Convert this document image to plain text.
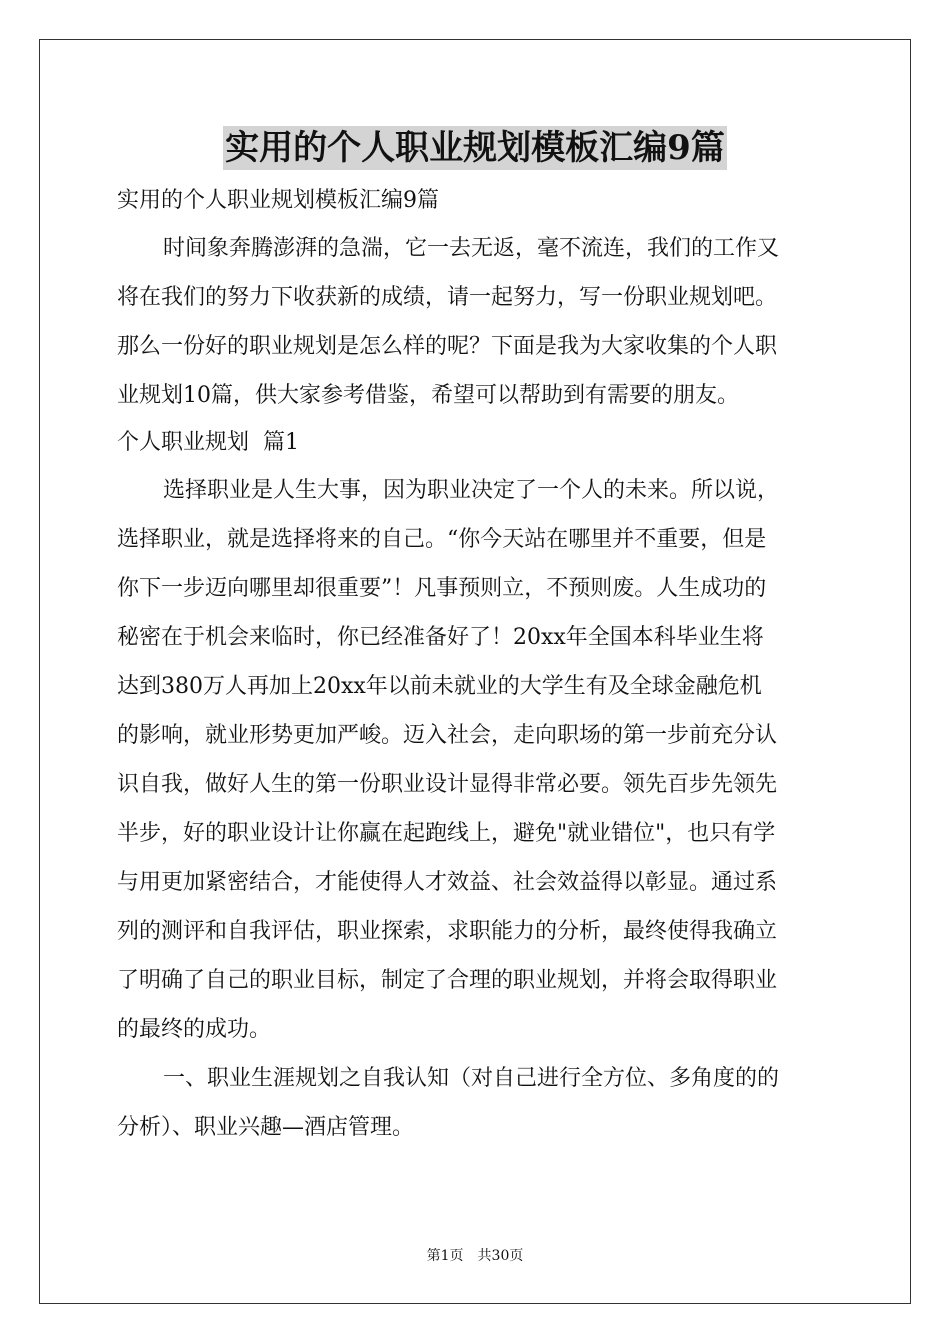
实用的个人职业规划模板汇编9篇
实用的个人职业规划模板汇编9篇
时间象奔腾澎湃的急湍，它一去无返，毫不流连，我们的工作又
将在我们的努力下收获新的成绩，请一起努力，写一份职业规划吧。
那么一份好的职业规划是怎么样的呢？下面是我为大家收集的个人职
业规划10篇，供大家参考借鉴，希望可以帮助到有需要的朋友。
个人职业规划  篇1
选择职业是人生大事，因为职业决定了一个人的未来。所以说，
选择职业，就是选择将来的自己。“你今天站在哪里并不重要，但是
你下一步迈向哪里却很重要”！凡事预则立，不预则废。人生成功的
秘密在于机会来临时，你已经准备好了！20xx年全国本科毕业生将
达到380万人再加上20xx年以前未就业的大学生有及全球金融危机
的影响，就业形势更加严峻。迈入社会，走向职场的第一步前充分认
识自我，做好人生的第一份职业设计显得非常必要。领先百步先领先
半步，好的职业设计让你赢在起跑线上，避免"就业错位"，也只有学
与用更加紧密结合，才能使得人才效益、社会效益得以彰显。通过系
列的测评和自我评估，职业探索，求职能力的分析，最终使得我确立
了明确了自己的职业目标，制定了合理的职业规划，并将会取得职业
的最终的成功。
一、职业生涯规划之自我认知（对自己进行全方位、多角度的的
分析）、职业兴趣—酒店管理。
第1页 共30页
